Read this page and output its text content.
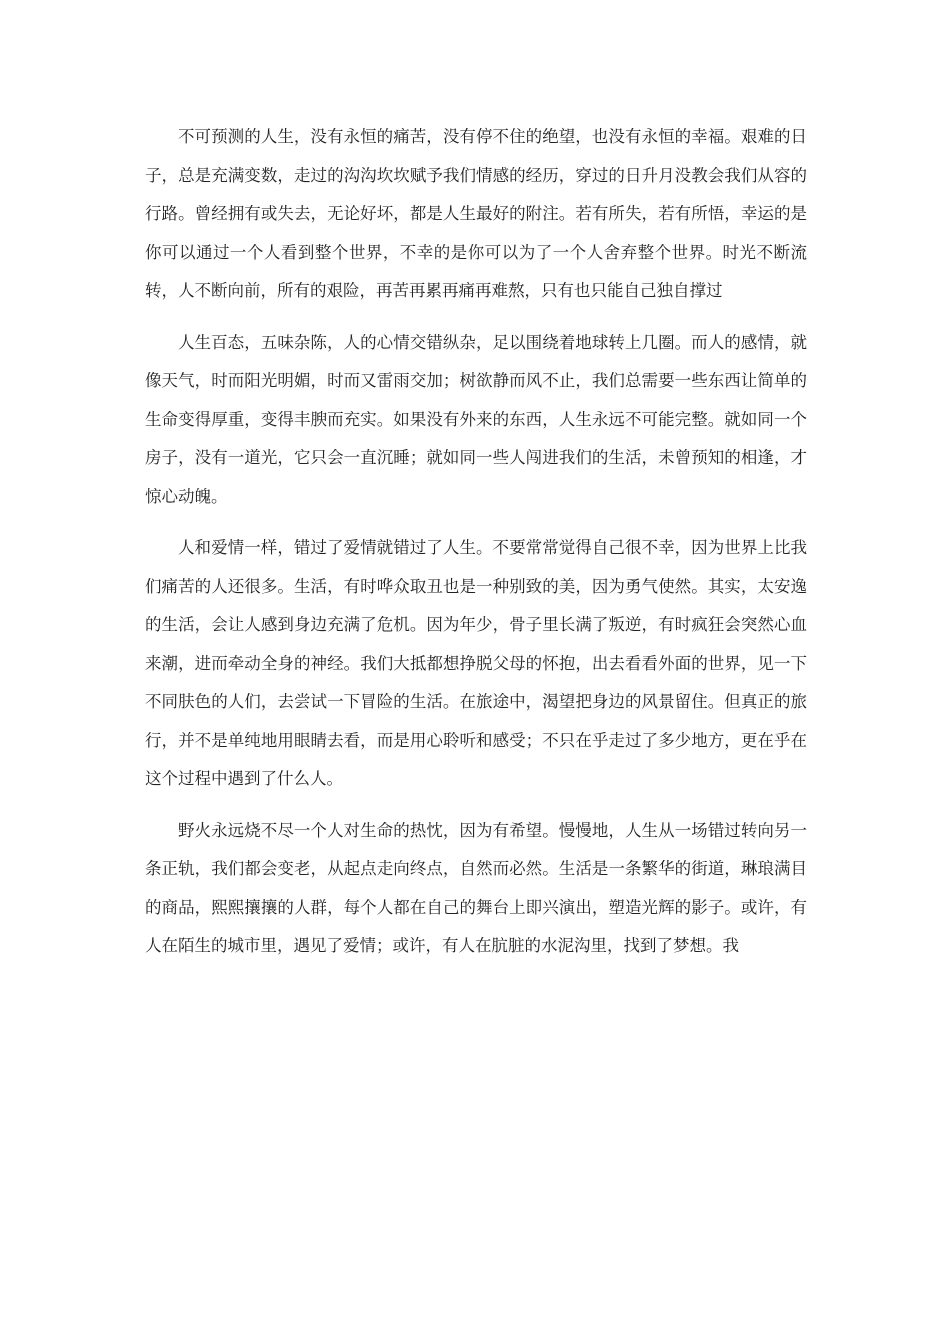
不可预测的人生，没有永恒的痛苦，没有停不住的绝望，也没有永恒的幸福。艰难的日子，总是充满变数，走过的沟沟坎坎赋予我们情感的经历，穿过的日升月没教会我们从容的行路。曾经拥有或失去，无论好坏，都是人生最好的附注。若有所失，若有所悟，幸运的是你可以通过一个人看到整个世界，不幸的是你可以为了一个人舍弃整个世界。时光不断流转，人不断向前，所有的艰险，再苦再累再痛再难熬，只有也只能自己独自撑过

人生百态，五味杂陈，人的心情交错纵杂，足以围绕着地球转上几圈。而人的感情，就像天气，时而阳光明媚，时而又雷雨交加；树欲静而风不止，我们总需要一些东西让简单的生命变得厚重，变得丰腴而充实。如果没有外来的东西，人生永远不可能完整。就如同一个房子，没有一道光，它只会一直沉睡；就如同一些人闯进我们的生活，未曾预知的相逢，才惊心动魄。

人和爱情一样，错过了爱情就错过了人生。不要常常觉得自己很不幸，因为世界上比我们痛苦的人还很多。生活，有时哗众取丑也是一种别致的美，因为勇气使然。其实，太安逸的生活，会让人感到身边充满了危机。因为年少，骨子里长满了叛逆，有时疯狂会突然心血来潮，进而牵动全身的神经。我们大抵都想挣脱父母的怀抱，出去看看外面的世界，见一下不同肤色的人们，去尝试一下冒险的生活。在旅途中，渴望把身边的风景留住。但真正的旅行，并不是单纯地用眼睛去看，而是用心聆听和感受；不只在乎走过了多少地方，更在乎在这个过程中遇到了什么人。

野火永远烧不尽一个人对生命的热忱，因为有希望。慢慢地，人生从一场错过转向另一条正轨，我们都会变老，从起点走向终点，自然而必然。生活是一条繁华的街道，琳琅满目的商品，熙熙攘攘的人群，每个人都在自己的舞台上即兴演出，塑造光辉的影子。或许，有人在陌生的城市里，遇见了爱情；或许，有人在肮脏的水泥沟里，找到了梦想。我
